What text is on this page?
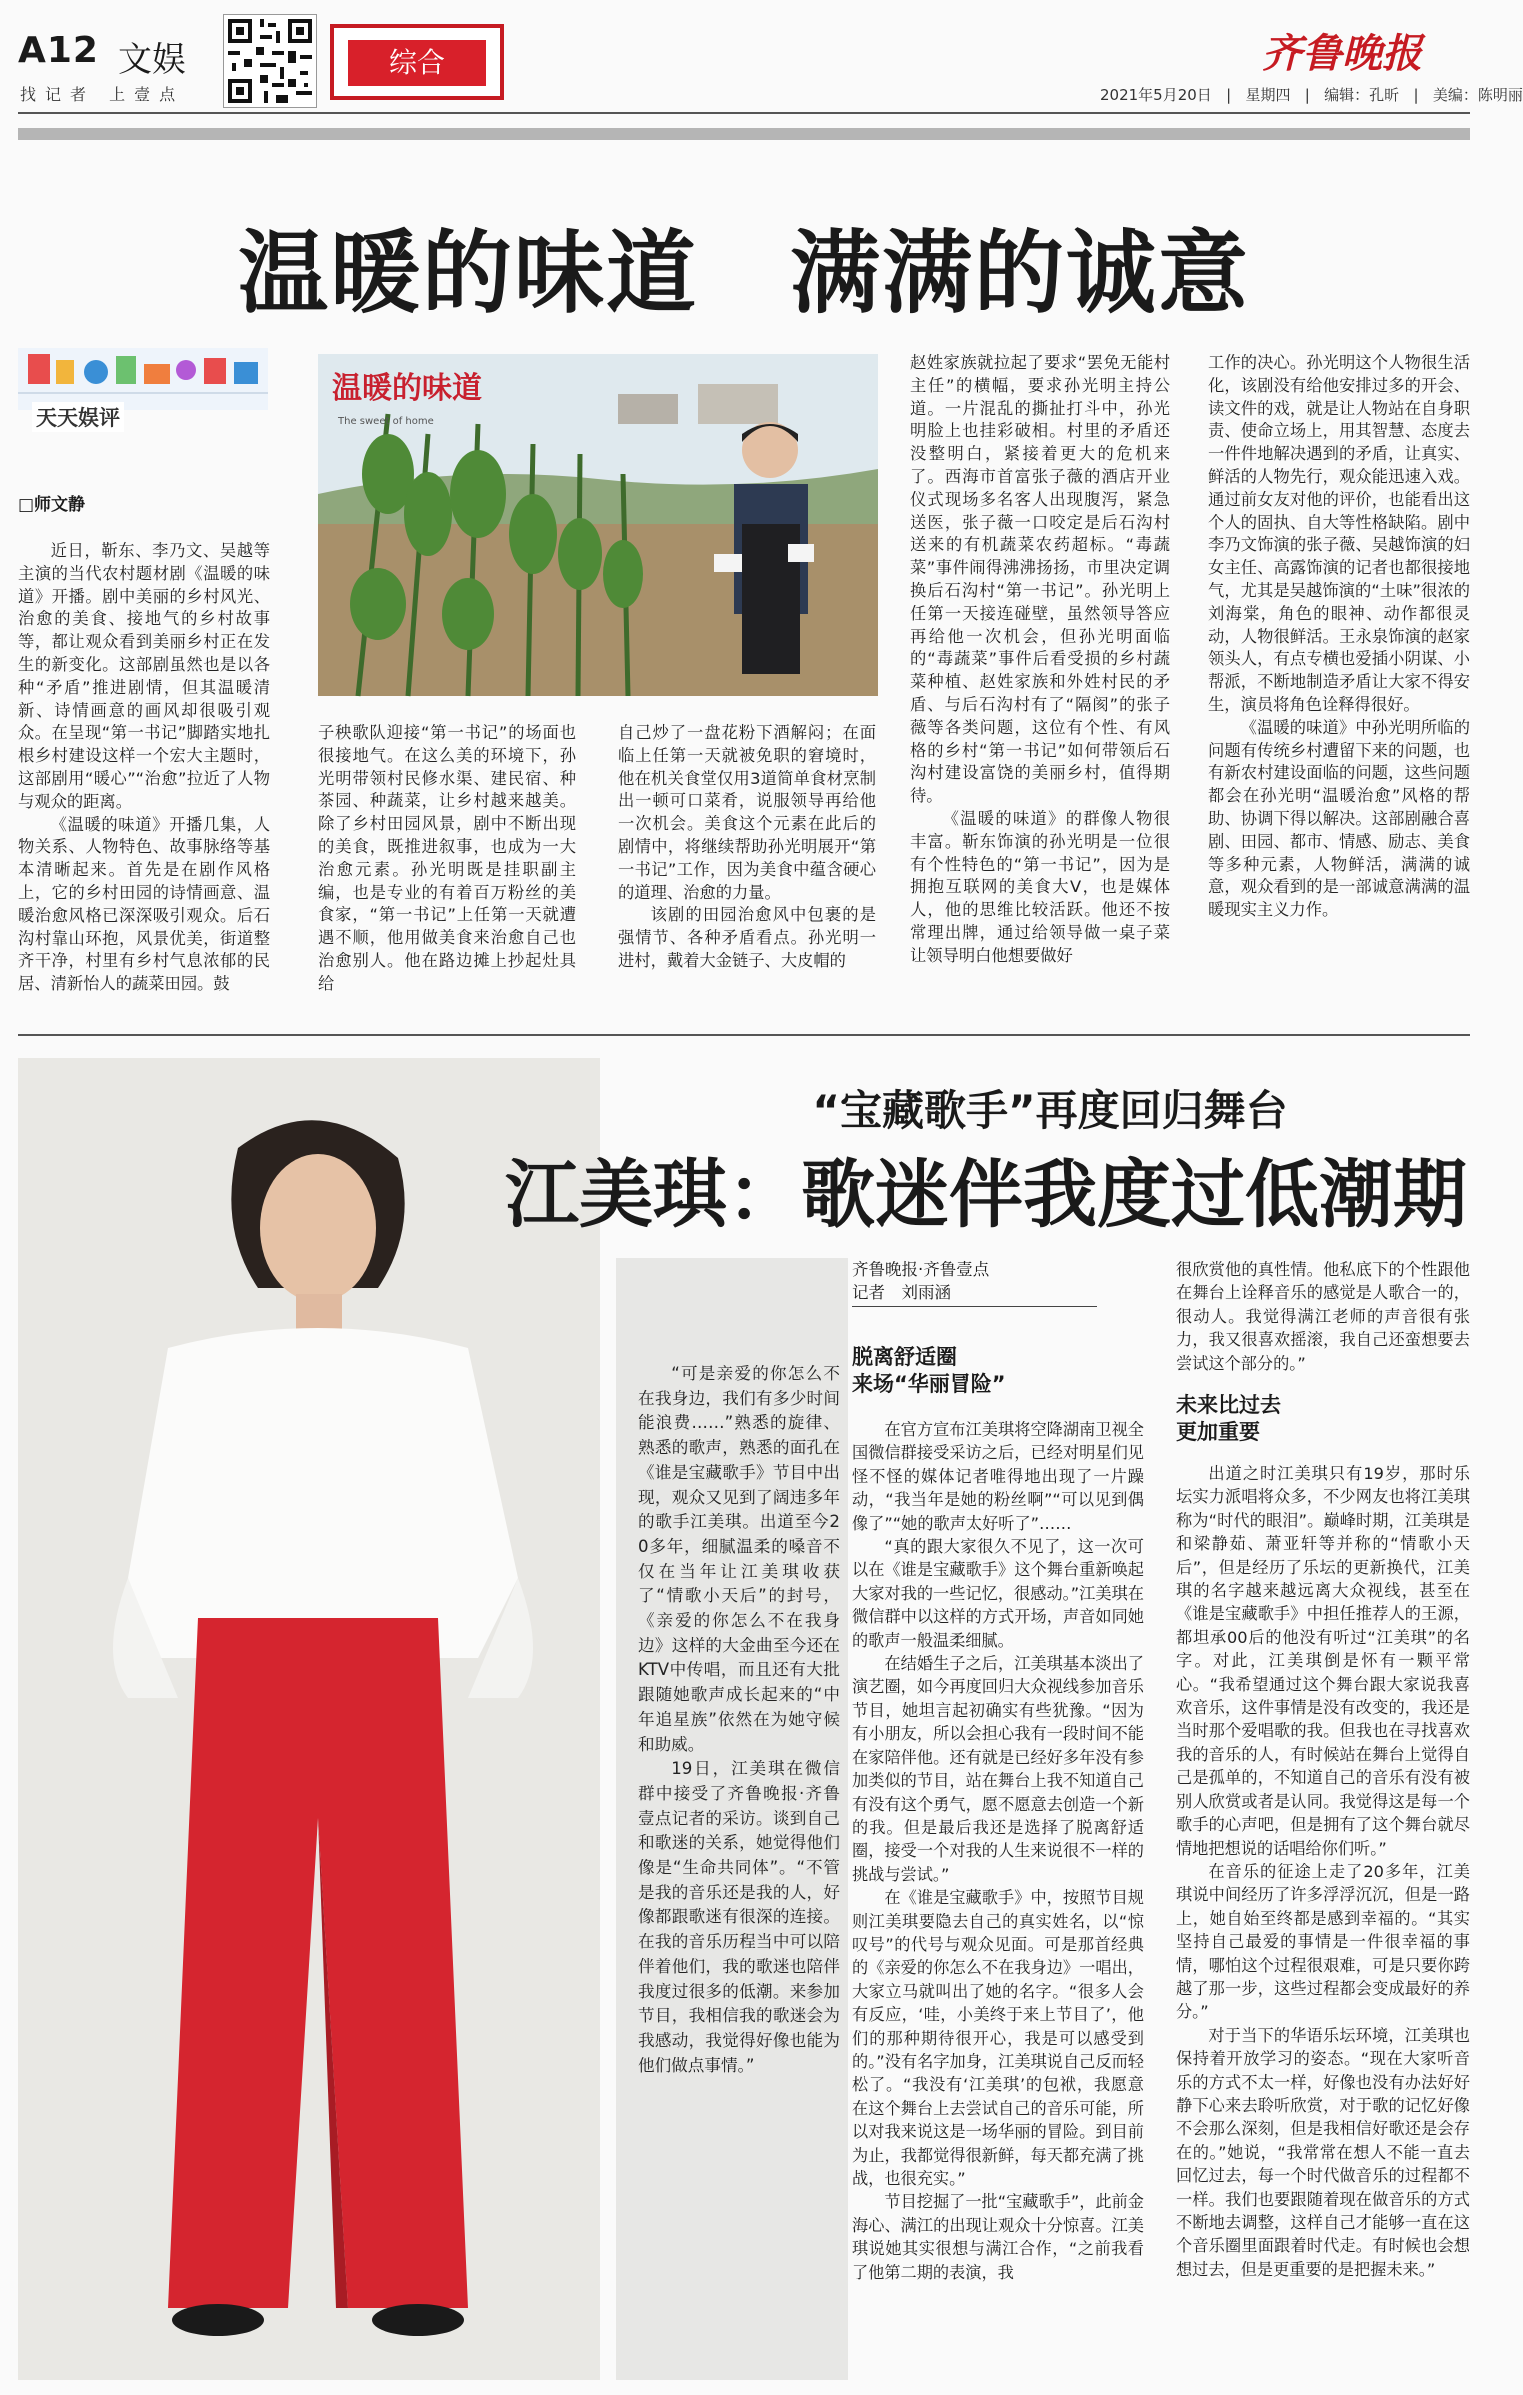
A12 文娱
找记者 上壹点
综合	齐鲁晚报
2021年5月20日   |   星期四   |   编辑：孔昕   |   美编：陈明丽
温暖的味道　满满的诚意
天天娱评
□师文静

近日，靳东、李乃文、吴越等主演的当代农村题材剧《温暖的味道》开播。剧中美丽的乡村风光、治愈的美食、接地气的乡村故事等，都让观众看到美丽乡村正在发生的新变化。这部剧虽然也是以各种“矛盾”推进剧情，但其温暖清新、诗情画意的画风却很吸引观众。在呈现“第一书记”脚踏实地扎根乡村建设这样一个宏大主题时，这部剧用“暖心”“治愈”拉近了人物与观众的距离。

《温暖的味道》开播几集，人物关系、人物特色、故事脉络等基本清晰起来。首先是在剧作风格上，它的乡村田园的诗情画意、温暖治愈风格已深深吸引观众。后石沟村靠山环抱，风景优美，街道整齐干净，村里有乡村气息浓郁的民居、清新怡人的蔬菜田园。鼓

温暖的味道
The sweet of home

子秧歌队迎接“第一书记”的场面也很接地气。在这么美的环境下，孙光明带领村民修水渠、建民宿、种茶园、种蔬菜，让乡村越来越美。除了乡村田园风景，剧中不断出现的美食，既推进叙事，也成为一大治愈元素。孙光明既是挂职副主编，也是专业的有着百万粉丝的美食家，“第一书记”上任第一天就遭遇不顺，他用做美食来治愈自己也治愈别人。他在路边摊上抄起灶具给

自己炒了一盘花粉下酒解闷；在面临上任第一天就被免职的窘境时，他在机关食堂仅用3道简单食材烹制出一顿可口菜肴，说服领导再给他一次机会。美食这个元素在此后的剧情中，将继续帮助孙光明展开“第一书记”工作，因为美食中蕴含硬心的道理、治愈的力量。

该剧的田园治愈风中包裹的是强情节、各种矛盾看点。孙光明一进村，戴着大金链子、大皮帽的

赵姓家族就拉起了要求“罢免无能村主任”的横幅，要求孙光明主持公道。一片混乱的撕扯打斗中，孙光明脸上也挂彩破相。村里的矛盾还没整明白，紧接着更大的危机来了。西海市首富张子薇的酒店开业仪式现场多名客人出现腹泻，紧急送医，张子薇一口咬定是后石沟村送来的有机蔬菜农药超标。“毒蔬菜”事件闹得沸沸扬扬，市里决定调换后石沟村“第一书记”。孙光明上任第一天接连碰壁，虽然领导答应再给他一次机会，但孙光明面临的“毒蔬菜”事件后看受损的乡村蔬菜种植、赵姓家族和外姓村民的矛盾、与后石沟村有了“隔阂”的张子薇等各类问题，这位有个性、有风格的乡村“第一书记”如何带领后石沟村建设富饶的美丽乡村，值得期待。

《温暖的味道》的群像人物很丰富。靳东饰演的孙光明是一位很有个性特色的“第一书记”，因为是拥抱互联网的美食大V，也是媒体人，他的思维比较活跃。他还不按常理出牌，通过给领导做一桌子菜让领导明白他想要做好

工作的决心。孙光明这个人物很生活化，该剧没有给他安排过多的开会、读文件的戏，就是让人物站在自身职责、使命立场上，用其智慧、态度去一件件地解决遇到的矛盾，让真实、鲜活的人物先行，观众能迅速入戏。通过前女友对他的评价，也能看出这个人的固执、自大等性格缺陷。剧中李乃文饰演的张子薇、吴越饰演的妇女主任、高露饰演的记者也都很接地气，尤其是吴越饰演的“土味”很浓的刘海棠，角色的眼神、动作都很灵动，人物很鲜活。王永泉饰演的赵家领头人，有点专横也爱插小阴谋、小帮派，不断地制造矛盾让大家不得安生，演员将角色诠释得很好。

《温暖的味道》中孙光明所临的问题有传统乡村遭留下来的问题，也有新农村建设面临的问题，这些问题都会在孙光明“温暖治愈”风格的帮助、协调下得以解决。这部剧融合喜剧、田园、都市、情感、励志、美食等多种元素，人物鲜活，满满的诚意，观众看到的是一部诚意满满的温暖现实主义力作。

“宝藏歌手”再度回归舞台
江美琪：歌迷伴我度过低潮期

“可是亲爱的你怎么不在我身边，我们有多少时间能浪费……”熟悉的旋律、熟悉的歌声，熟悉的面孔在《谁是宝藏歌手》节目中出现，观众又见到了阔违多年的歌手江美琪。出道至今20多年，细腻温柔的嗓音不仅在当年让江美琪收获了“情歌小天后”的封号，《亲爱的你怎么不在我身边》这样的大金曲至今还在KTV中传唱，而且还有大批跟随她歌声成长起来的“中年追星族”依然在为她守候和助威。

19日，江美琪在微信群中接受了齐鲁晚报·齐鲁壹点记者的采访。谈到自己和歌迷的关系，她觉得他们像是“生命共同体”。“不管是我的音乐还是我的人，好像都跟歌迷有很深的连接。在我的音乐历程当中可以陪伴着他们，我的歌迷也陪伴我度过很多的低潮。来参加节目，我相信我的歌迷会为我感动，我觉得好像也能为他们做点事情。”

齐鲁晚报·齐鲁壹点
记者　刘雨涵
脱离舒适圈
来场“华丽冒险”

在官方宣布江美琪将空降湖南卫视全国微信群接受采访之后，已经对明星们见怪不怪的媒体记者唯得地出现了一片躁动，“我当年是她的粉丝啊”“可以见到偶像了”“她的歌声太好听了”……

“真的跟大家很久不见了，这一次可以在《谁是宝藏歌手》这个舞台重新唤起大家对我的一些记忆，很感动。”江美琪在微信群中以这样的方式开场，声音如同她的歌声一般温柔细腻。

在结婚生子之后，江美琪基本淡出了演艺圈，如今再度回归大众视线参加音乐节目，她坦言起初确实有些犹豫。“因为有小朋友，所以会担心我有一段时间不能在家陪伴他。还有就是已经好多年没有参加类似的节目，站在舞台上我不知道自己有没有这个勇气，愿不愿意去创造一个新的我。但是最后我还是选择了脱离舒适圈，接受一个对我的人生来说很不一样的挑战与尝试。”

在《谁是宝藏歌手》中，按照节目规则江美琪要隐去自己的真实姓名，以“惊叹号”的代号与观众见面。可是那首经典的《亲爱的你怎么不在我身边》一唱出，大家立马就叫出了她的名字。“很多人会有反应，‘哇，小美终于来上节目了’，他们的那种期待很开心，我是可以感受到的。”没有名字加身，江美琪说自己反而轻松了。“我没有‘江美琪’的包袱，我愿意在这个舞台上去尝试自己的音乐可能，所以对我来说这是一场华丽的冒险。到目前为止，我都觉得很新鲜，每天都充满了挑战，也很充实。”

节目挖掘了一批“宝藏歌手”，此前金海心、满江的出现让观众十分惊喜。江美琪说她其实很想与满江合作，“之前我看了他第二期的表演，我

很欣赏他的真性情。他私底下的个性跟他在舞台上诠释音乐的感觉是人歌合一的，很动人。我觉得满江老师的声音很有张力，我又很喜欢摇滚，我自己还蛮想要去尝试这个部分的。”

未来比过去
更加重要

出道之时江美琪只有19岁，那时乐坛实力派唱将众多，不少网友也将江美琪称为“时代的眼泪”。巅峰时期，江美琪是和梁静茹、萧亚轩等并称的“情歌小天后”，但是经历了乐坛的更新换代，江美琪的名字越来越远离大众视线，甚至在《谁是宝藏歌手》中担任推荐人的王源，都坦承00后的他没有听过“江美琪”的名字。对此，江美琪倒是怀有一颗平常心。“我希望通过这个舞台跟大家说我喜欢音乐，这件事情是没有改变的，我还是当时那个爱唱歌的我。但我也在寻找喜欢我的音乐的人，有时候站在舞台上觉得自己是孤单的，不知道自己的音乐有没有被别人欣赏或者是认同。我觉得这是每一个歌手的心声吧，但是拥有了这个舞台就尽情地把想说的话唱给你们听。”

在音乐的征途上走了20多年，江美琪说中间经历了许多浮浮沉沉，但是一路上，她自始至终都是感到幸福的。“其实坚持自己最爱的事情是一件很幸福的事情，哪怕这个过程很艰难，可是只要你跨越了那一步，这些过程都会变成最好的养分。”

对于当下的华语乐坛环境，江美琪也保持着开放学习的姿态。“现在大家听音乐的方式不太一样，好像也没有办法好好静下心来去聆听欣赏，对于歌的记忆好像不会那么深刻，但是我相信好歌还是会存在的。”她说，“我常常在想人不能一直去回忆过去，每一个时代做音乐的过程都不一样。我们也要跟随着现在做音乐的方式不断地去调整，这样自己才能够一直在这个音乐圈里面跟着时代走。有时候也会想想过去，但是更重要的是把握未来。”
